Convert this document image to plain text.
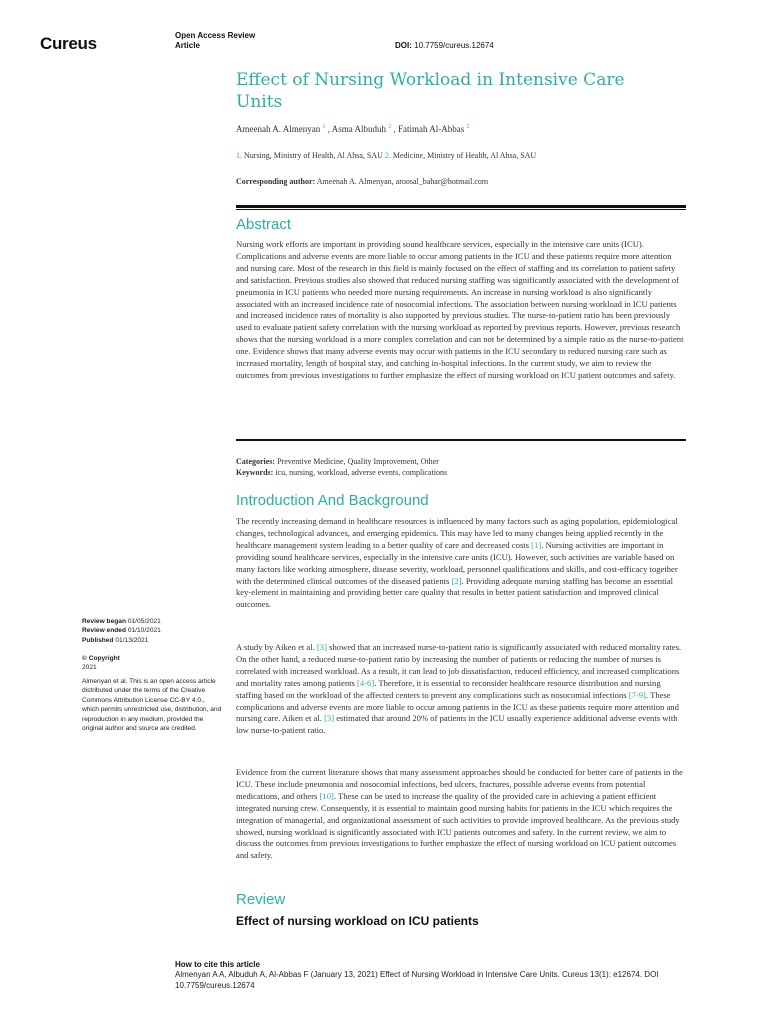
Cureus	Open Access Review
Article	DOI: 10.7759/cureus.12674
Effect of Nursing Workload in Intensive Care Units
Ameenah A. Almenyan $^1$ , Asma Albuduh $^2$ , Fatimah Al-Abbas $^2$
1. Nursing, Ministry of Health, Al Ahsa, SAU 2. Medicine, Ministry of Health, Al Ahsa, SAU
Corresponding author: Ameenah A. Almenyan, aroosal_bahar@hotmail.com
Abstract

Nursing work efforts are important in providing sound healthcare services, especially in the intensive care units (ICU). Complications and adverse events are more liable to occur among patients in the ICU and these patients require more attention and nursing care. Most of the research in this field is mainly focused on the effect of staffing and its correlation to patient safety and satisfaction. Previous studies also showed that reduced nursing staffing was significantly associated with the development of pneumonia in ICU patients who needed more nursing requirements. An increase in nursing workload is also significantly associated with an increased incidence rate of nosocomial infections. The association between nursing workload in ICU patients and increased incidence rates of mortality is also supported by previous studies. The nurse-to-patient ratio has been previously used to evaluate patient safety correlation with the nursing workload as reported by previous reports. However, previous research shows that the nursing workload is a more complex correlation and can not be determined by a simple ratio as the nurse-to-patient one. Evidence shows that many adverse events may occur with patients in the ICU secondary to reduced nursing care such as increased mortality, length of hospital stay, and catching in-hospital infections. In the current study, we aim to review the outcomes from previous investigations to further emphasize the effect of nursing workload on ICU patient outcomes and safety.

Categories: Preventive Medicine, Quality Improvement, Other
Keywords: icu, nursing, workload, adverse events, complications
Introduction And Background

The recently increasing demand in healthcare resources is influenced by many factors such as aging population, epidemiological changes, technological advances, and emerging epidemics. This may have led to many changes being applied recently in the healthcare management system leading to a better quality of care and decreased costs [1]. Nursing activities are important in providing sound healthcare services, especially in the intensive care units (ICU). However, such activities are variable based on many factors like working atmosphere, disease severity, workload, personnel qualifications and skills, and cost-efficacy together with the determined clinical outcomes of the diseased patients [2]. Providing adequate nursing staffing has become an essential key-element in maintaining and providing better care quality that results in better patient satisfaction and improved clinical outcomes.

A study by Aiken et al. [3] showed that an increased nurse-to-patient ratio is significantly associated with reduced mortality rates. On the other hand, a reduced nurse-to-patient ratio by increasing the number of patients or reducing the number of nurses is correlated with increased workload. As a result, it can lead to job dissatisfaction, reduced efficiency, and increased complications and mortality rates among patients [4-6]. Therefore, it is essential to reconsider healthcare resource distribution and nursing staffing based on the workload of the affected centers to prevent any complications such as nosocomial infections [7-9]. These complications and adverse events are more liable to occur among patients in the ICU as these patients require more attention and nursing care. Aiken et al. [3] estimated that around 20% of patients in the ICU usually experience additional adverse events with low nurse-to-patient ratio.

Evidence from the current literature shows that many assessment approaches should be conducted for better care of patients in the ICU. These include pneumonia and nosocomial infections, bed ulcers, fractures, possible adverse events from potential medications, and others [10]. These can be used to increase the quality of the provided care in achieving a patient efficient integrated nursing crew. Consequently, it is essential to maintain good nursing habits for patients in the ICU which requires the integration of managerial, and organizational assessment of such activities to provide improved healthcare. As the previous study showed, nursing workload is significantly associated with ICU patients outcomes and safety. In the current review, we aim to discuss the outcomes from previous investigations to further emphasize the effect of nursing workload on ICU patient outcomes and safety.

Review
Effect of nursing workload on ICU patients
Review began 01/05/2021
Review ended 01/10/2021
Published 01/13/2021
© Copyright
2021
Almenyan et al. This is an open access article distributed under the terms of the Creative Commons Attribution License CC-BY 4.0., which permits unrestricted use, distribution, and reproduction in any medium, provided the original author and source are credited.
How to cite this article
Almenyan A A, Albuduh A, Al-Abbas F (January 13, 2021) Effect of Nursing Workload in Intensive Care Units. Cureus 13(1): e12674. DOI 10.7759/cureus.12674
